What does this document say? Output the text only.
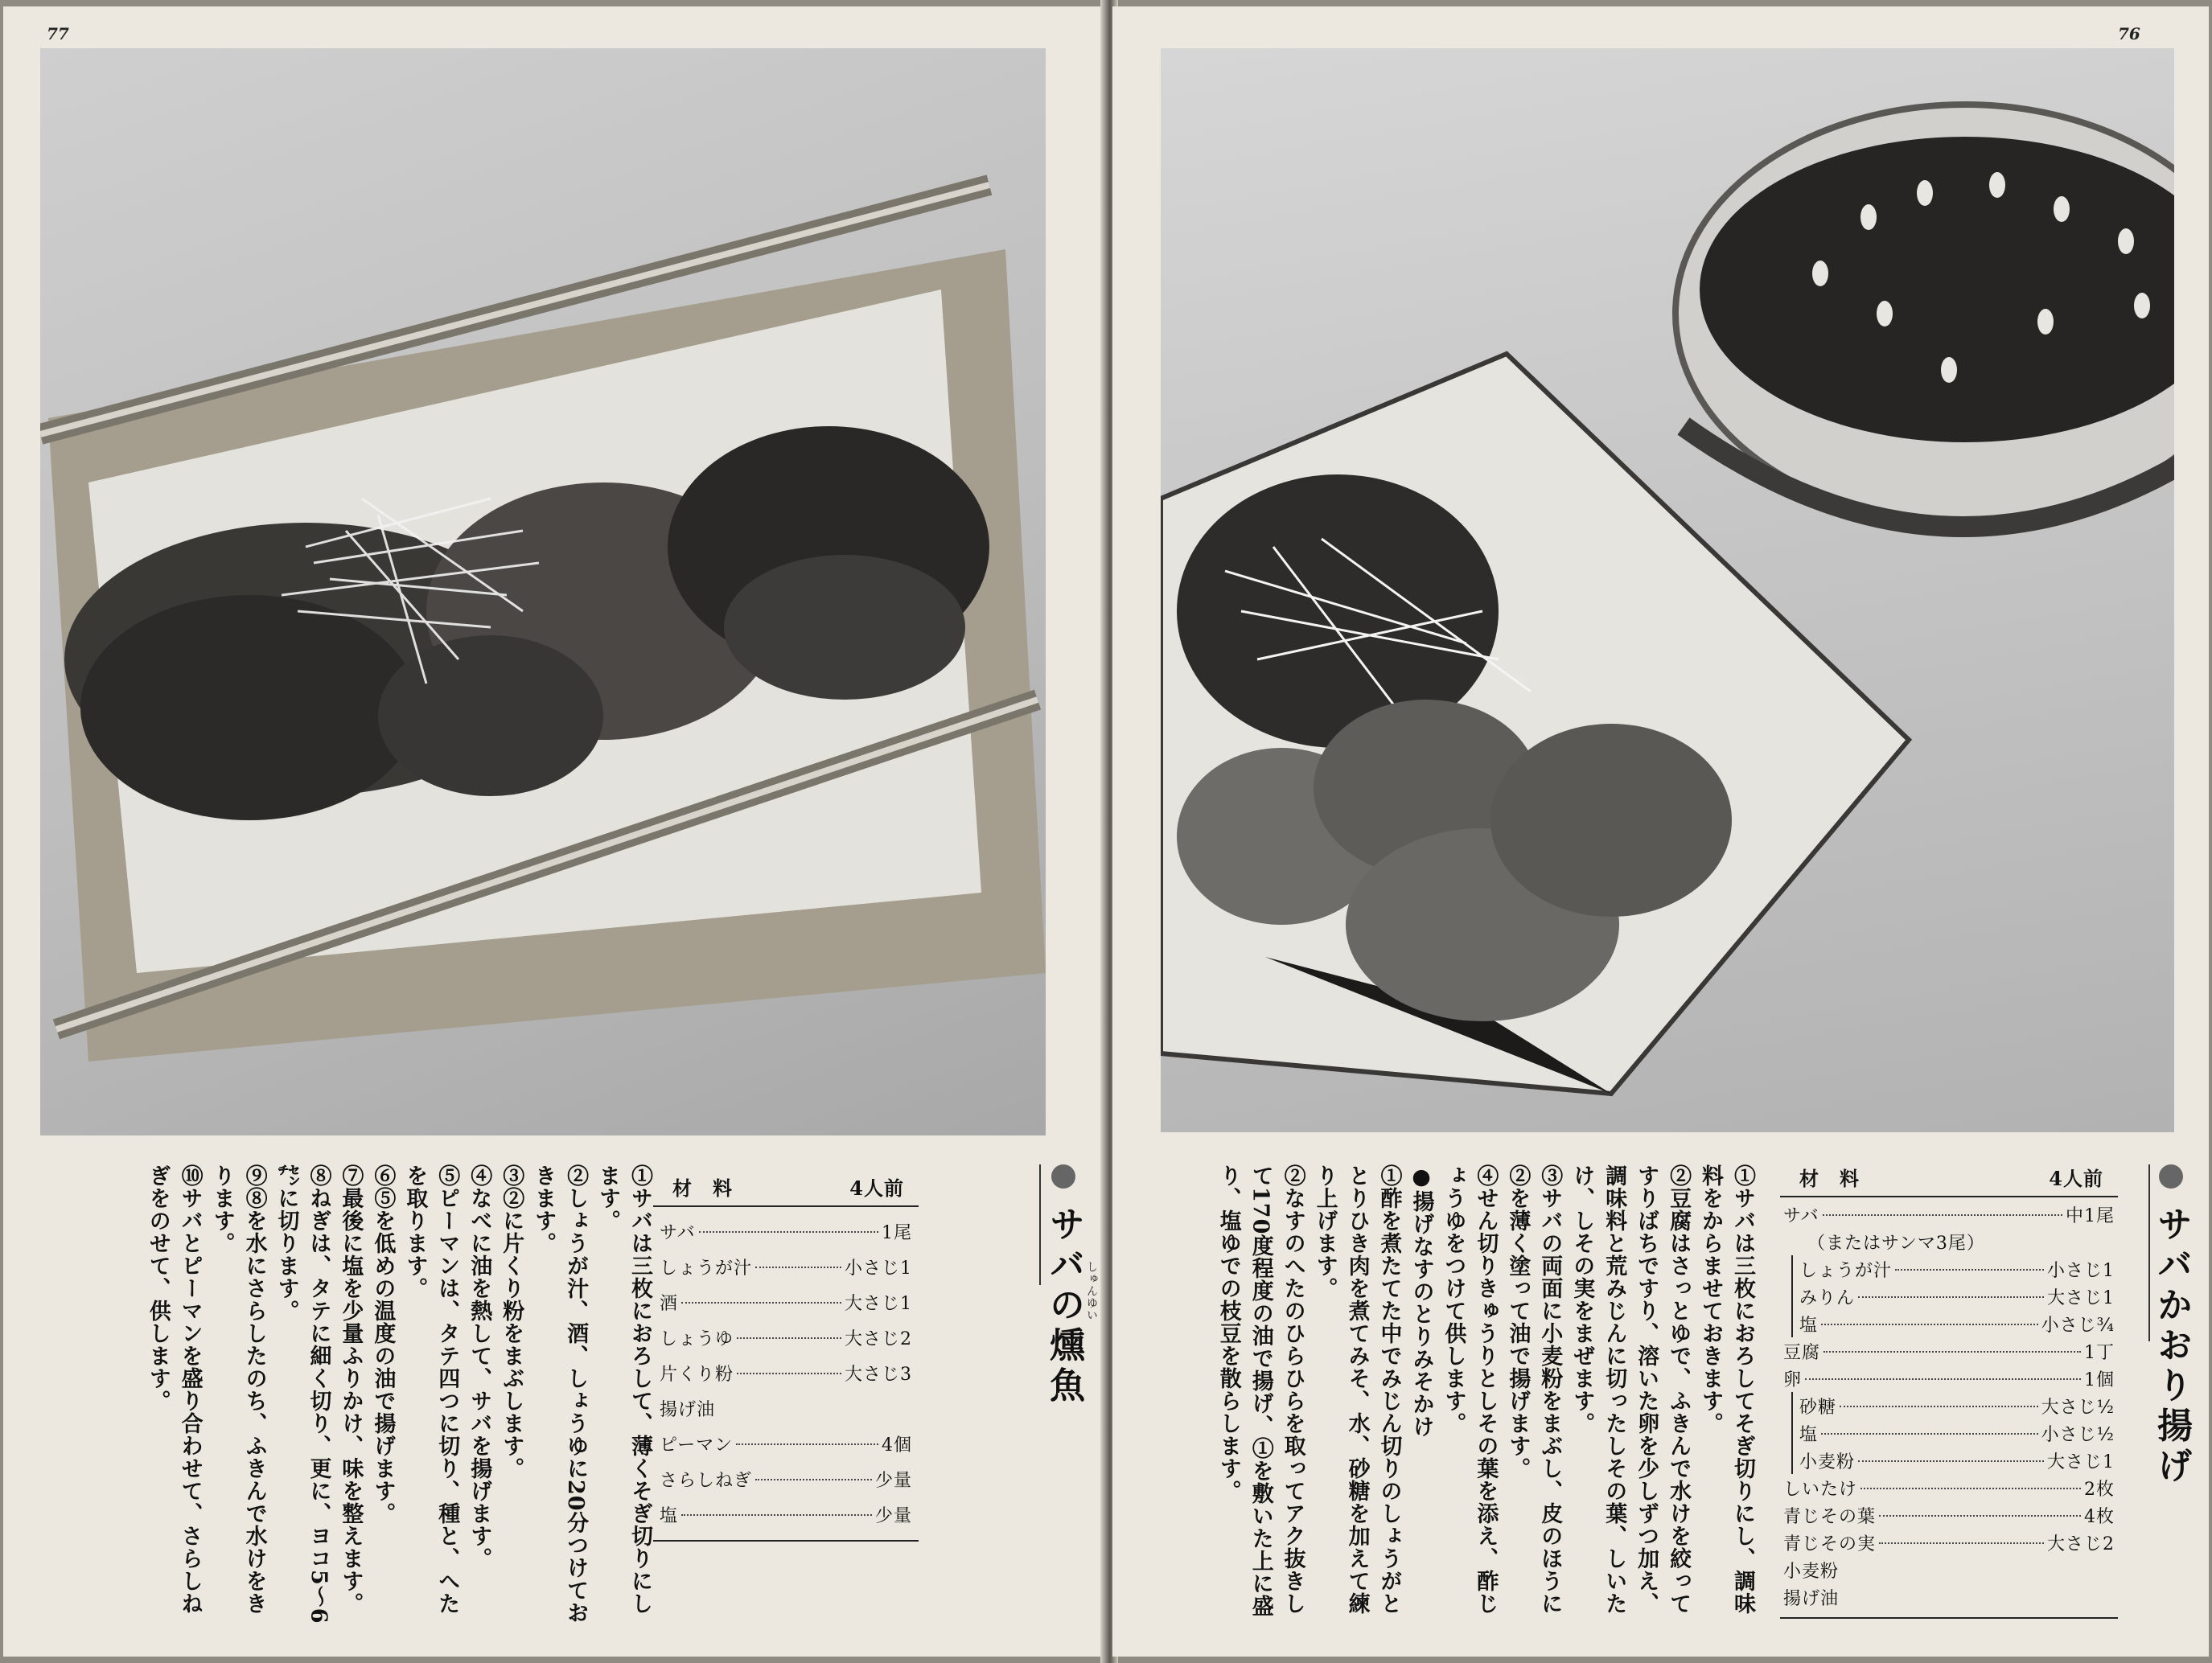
77
サバの燻魚 しゅんゆい
材　料	4人前
サバ	1尾
しょうが汁	小さじ1
酒	大さじ1
しょうゆ	大さじ2
片くり粉	大さじ3
揚げ油
ピーマン	4個
さらしねぎ	少量
塩	少量

①サバは三枚におろして、薄くそぎ切りにします。

②しょうが汁、酒、しょうゆに20分つけておきます。

③②に片くり粉をまぶします。

④なべに油を熱して、サバを揚げます。

⑤ピーマンは、タテ四つに切り、種と、へたを取ります。

⑥⑤を低めの温度の油で揚げます。

⑦最後に塩を少量ふりかけ、味を整えます。

⑧ねぎは、タテに細く切り、更に、ヨコ5〜6㌢に切ります。

⑨⑧を水にさらしたのち、ふきんで水けをきります。

⑩サバとピーマンを盛り合わせて、さらしねぎをのせて、供します。

76
サバかおり揚げ
材　料	4人前
サバ	中1尾
（またはサンマ3尾）
しょうが汁	小さじ1
みりん	大さじ1
塩	小さじ¾
豆腐	1丁
卵	1個
砂糖	大さじ½
塩	小さじ½
小麦粉	大さじ1
しいたけ	2枚
青じその葉	4枚
青じその実	大さじ2
小麦粉
揚げ油

①サバは三枚におろしてそぎ切りにし、調味料をからませておきます。

②豆腐はさっとゆで、ふきんで水けを絞ってすりばちですり、溶いた卵を少しずつ加え、調味料と荒みじんに切ったしその葉、しいたけ、しその実をまぜます。

③サバの両面に小麦粉をまぶし、皮のほうに②を薄く塗って油で揚げます。

④せん切りきゅうりとしその葉を添え、酢じょうゆをつけて供します。

●揚げなすのとりみそかけ

①酢を煮たてた中でみじん切りのしょうがととりひき肉を煮てみそ、水、砂糖を加えて練り上げます。

②なすのへたのひらひらを取ってアク抜きして170度程度の油で揚げ、①を敷いた上に盛り、塩ゆでの枝豆を散らします。
